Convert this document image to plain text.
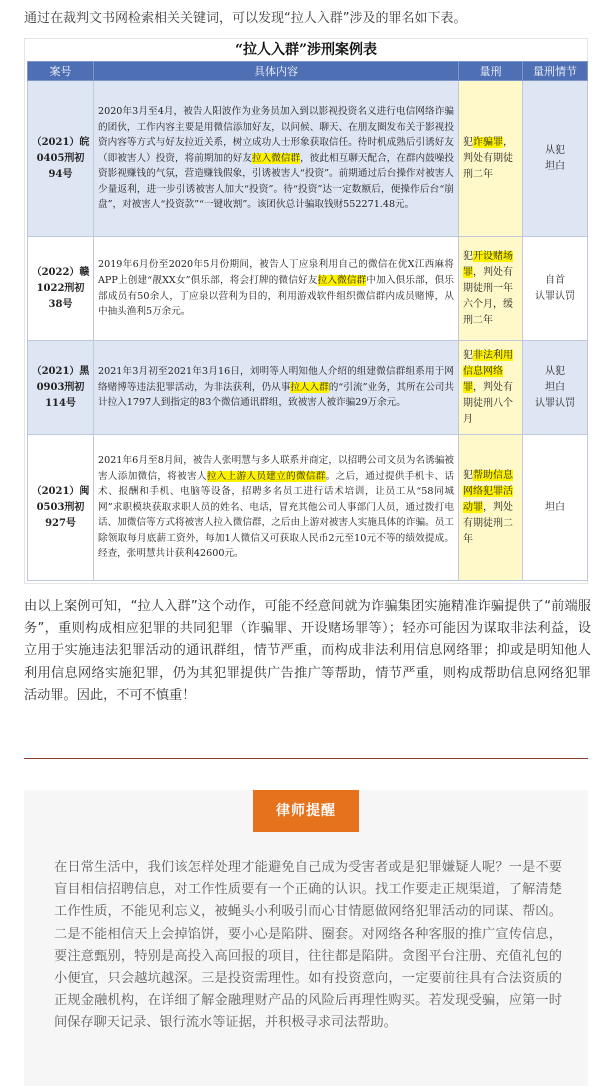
通过在裁判文书网检索相关关键词，可以发现“拉人入群”涉及的罪名如下表。
“拉人入群”涉刑案例表
案号	具体内容	量刑	量刑情节
（2021）皖0405刑初94号	2020年3月至4月，被告人阳波作为业务员加入到以影视投资名义进行电信网络诈骗的团伙，工作内容主要是用微信添加好友，以问候、聊天、在朋友圈发布关于影视投资内容等方式与好友拉近关系，树立成功人士形象获取信任。待时机成熟后引诱好友（即被害人）投资，将前期加的好友拉入微信群，彼此相互聊天配合，在群内鼓噪投资影视赚钱的气氛，营造赚钱假象，引诱被害人“投资”。前期通过后台操作对被害人少量返利，进一步引诱被害人加大“投资”。待“投资”达一定数额后，便操作后台“崩盘”，对被害人“投资款”“一键收割”。该团伙总计骗取钱财552271.48元。	犯诈骗罪，判处有期徒刑二年	从犯
坦白
（2022）赣1022刑初38号	2019年6月份至2020年5月份期间，被告人丁应泉利用自己的微信在优X江西麻将APP上创建“靓XX女”俱乐部，将会打牌的微信好友拉入微信群中加入俱乐部，俱乐部成员有50余人，丁应泉以营利为目的，利用游戏软件组织微信群内成员赌博，从中抽头渔利5万余元。	犯开设赌场罪，判处有期徒刑一年六个月，缓刑二年	自首
认罪认罚
（2021）黑0903刑初114号	2021年3月初至2021年3月16日，刘明等人明知他人介绍的组建微信群组系用于网络赌博等违法犯罪活动，为非法获利，仍从事拉人入群的“引流”业务，其所在公司共计拉入1797人到指定的83个微信通讯群组，致被害人被诈骗29万余元。	犯非法利用信息网络罪，判处有期徒刑八个月	从犯
坦白
认罪认罚
（2021）闽0503刑初927号	2021年6月至8月间，被告人张明慧与多人联系并商定，以招聘公司文员为名诱骗被害人添加微信，将被害人拉入上游人员建立的微信群。之后，通过提供手机卡、话术、报酬和手机、电脑等设备，招聘多名员工进行话术培训，让员工从“58同城网”求职模块获取求职人员的姓名、电话，冒充其他公司人事部门人员，通过拨打电话、加微信等方式将被害人拉入微信群，之后由上游对被害人实施具体的诈骗。员工除领取每月底薪工资外，每加1人微信又可获取人民币2元至10元不等的绩效提成。经查，张明慧共计获利42600元。	犯帮助信息网络犯罪活动罪，判处有期徒刑二年	坦白
由以上案例可知，“拉人入群”这个动作，可能不经意间就为诈骗集团实施精准诈骗提供了“前端服务”，重则构成相应犯罪的共同犯罪（诈骗罪、开设赌场罪等）；轻亦可能因为谋取非法利益，设立用于实施违法犯罪活动的通讯群组，情节严重，而构成非法利用信息网络罪；抑或是明知他人利用信息网络实施犯罪，仍为其犯罪提供广告推广等帮助，情节严重，则构成帮助信息网络犯罪活动罪。因此，不可不慎重！
律师提醒
在日常生活中，我们该怎样处理才能避免自己成为受害者或是犯罪嫌疑人呢？一是不要盲目相信招聘信息，对工作性质要有一个正确的认识。找工作要走正规渠道，了解清楚工作性质，不能见利忘义，被蝇头小利吸引而心甘情愿做网络犯罪活动的同谋、帮凶。二是不能相信天上会掉馅饼，要小心是陷阱、圈套。对网络各种客服的推广宣传信息，要注意甄别，特别是高投入高回报的项目，往往都是陷阱。贪图平台注册、充值礼包的小便宜，只会越坑越深。三是投资需理性。如有投资意向，一定要前往具有合法资质的正规金融机构，在详细了解金融理财产品的风险后再理性购买。若发现受骗，应第一时间保存聊天记录、银行流水等证据，并积极寻求司法帮助。
